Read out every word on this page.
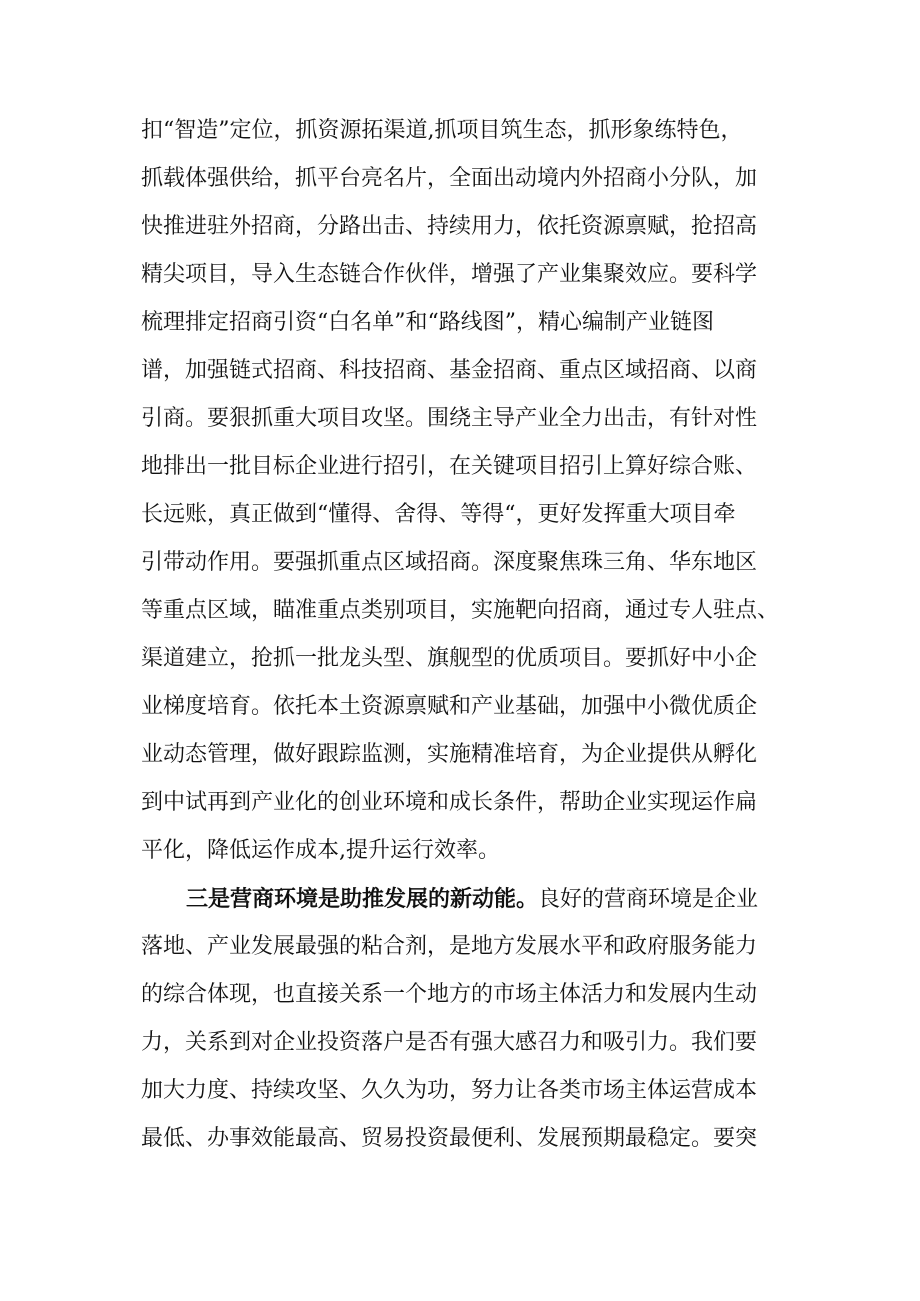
扣“智造”定位，抓资源拓渠道,抓项目筑生态，抓形象练特色，
抓载体强供给，抓平台亮名片，全面出动境内外招商小分队，加
快推进驻外招商，分路出击、持续用力，依托资源禀赋，抢招高
精尖项目，导入生态链合作伙伴，增强了产业集聚效应。要科学
梳理排定招商引资“白名单”和“路线图”，精心编制产业链图
谱，加强链式招商、科技招商、基金招商、重点区域招商、以商
引商。要狠抓重大项目攻坚。围绕主导产业全力出击，有针对性
地排出一批目标企业进行招引，在关键项目招引上算好综合账、
长远账，真正做到“懂得、舍得、等得“，更好发挥重大项目牵
引带动作用。要强抓重点区域招商。深度聚焦珠三角、华东地区
等重点区域，瞄准重点类别项目，实施靶向招商，通过专人驻点、
渠道建立，抢抓一批龙头型、旗舰型的优质项目。要抓好中小企
业梯度培育。依托本土资源禀赋和产业基础，加强中小微优质企
业动态管理，做好跟踪监测，实施精准培育，为企业提供从孵化
到中试再到产业化的创业环境和成长条件，帮助企业实现运作扁
平化，降低运作成本,提升运行效率。
三是营商环境是助推发展的新动能。良好的营商环境是企业
落地、产业发展最强的粘合剂，是地方发展水平和政府服务能力
的综合体现，也直接关系一个地方的市场主体活力和发展内生动
力，关系到对企业投资落户是否有强大感召力和吸引力。我们要
加大力度、持续攻坚、久久为功，努力让各类市场主体运营成本
最低、办事效能最高、贸易投资最便利、发展预期最稳定。要突
